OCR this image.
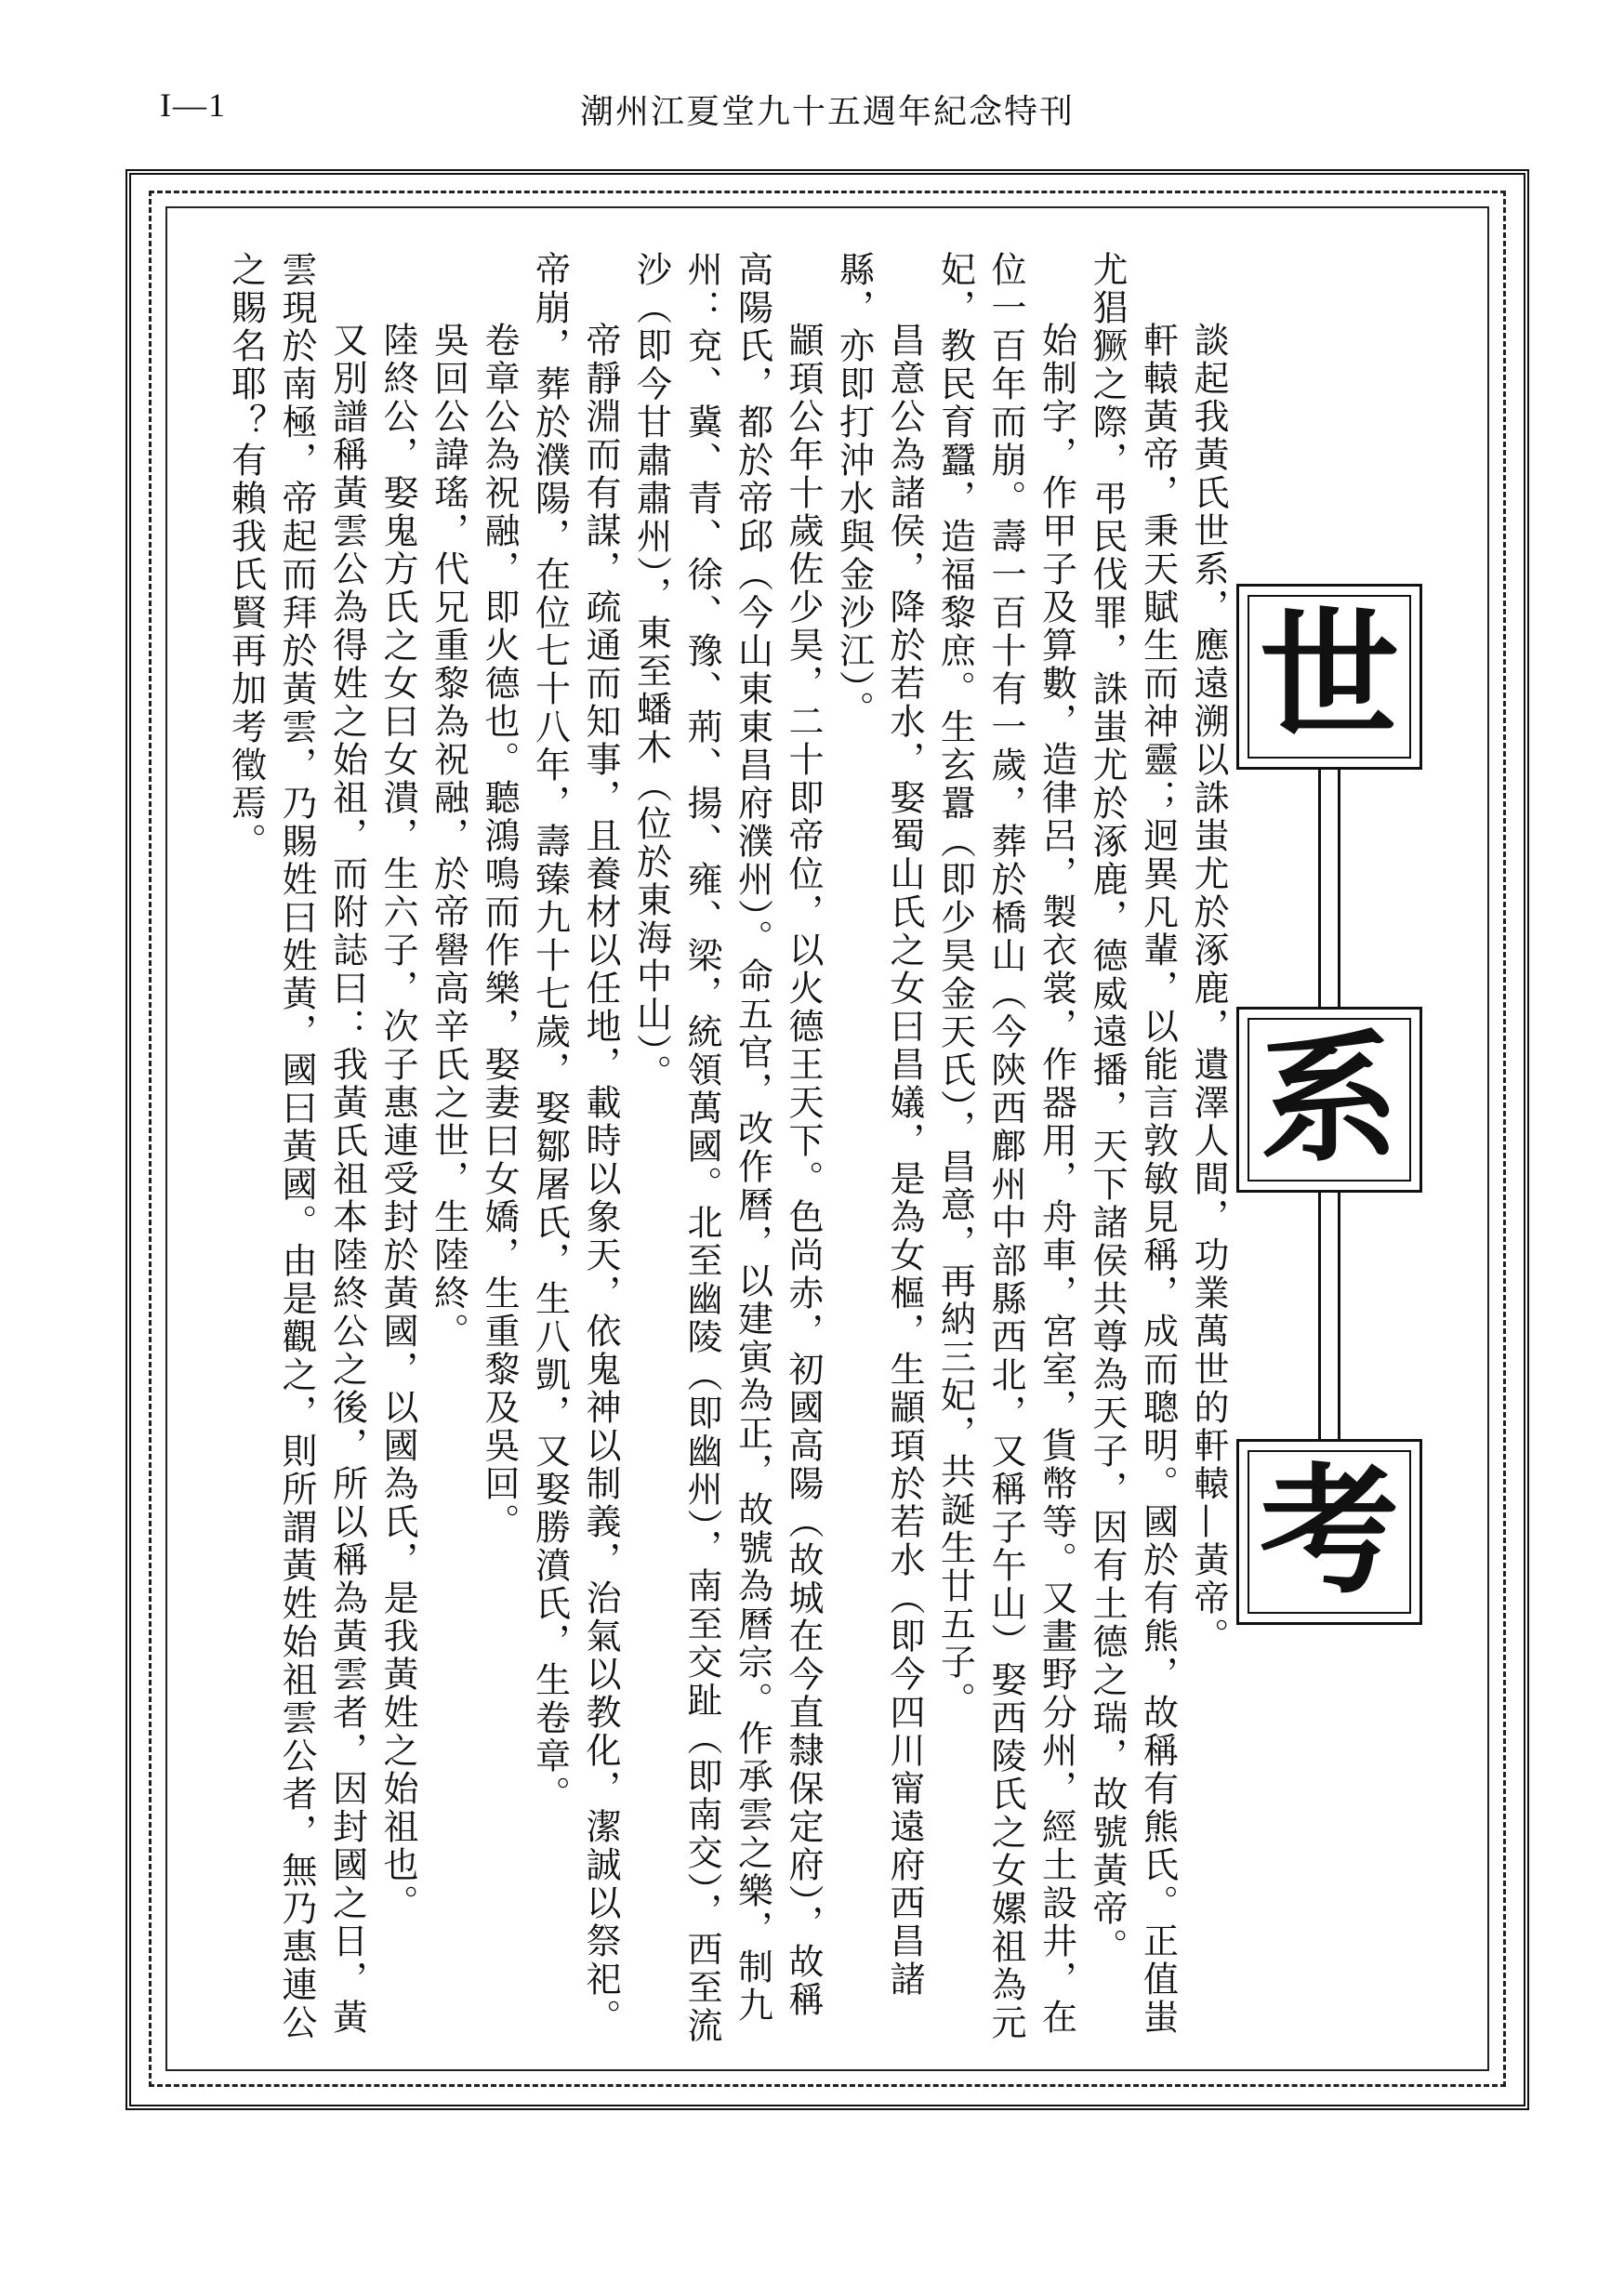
I—1	潮州江夏堂九十五週年紀念特刊

談起我黃氏世系，應遠溯以誅蚩尤於涿鹿，遺澤人間，功業萬世的軒轅—黃帝。

軒轅黃帝，秉天賦生而神靈；迥異凡輩，以能言敦敏見稱，成而聰明。國於有熊，故稱有熊氏。正值蚩尤猖獗之際，弔民伐罪，誅蚩尤於涿鹿，德威遠播，天下諸侯共尊為天子，因有土德之瑞，故號黃帝。

始制字，作甲子及算數，造律呂，製衣裳，作器用，舟車，宮室，貨幣等。又畫野分州，經土設井，在位一百年而崩。壽一百十有一歲，葬於橋山（今陝西鄜州中部縣西北，又稱子午山）娶西陵氏之女嫘祖為元妃，教民育蠶，造福黎庶。生玄囂（即少昊金天氏），昌意，再納三妃，共誕生廿五子。

昌意公為諸侯，降於若水，娶蜀山氏之女曰昌嬟，是為女樞，生顓頊於若水（即今四川甯遠府西昌諸縣，亦即打沖水與金沙江）。

顓頊公年十歲佐少昊，二十即帝位，以火德王天下。色尚赤，初國高陽（故城在今直隸保定府），故稱高陽氏，都於帝邱（今山東東昌府濮州）。命五官，改作曆，以建寅為正，故號為曆宗。作承雲之樂，制九州：兗、冀、青、徐、豫、荊、揚、雍、梁，統領萬國。北至幽陵（即幽州），南至交趾（即南交），西至流沙（即今甘肅肅州），東至蟠木（位於東海中山）。

帝靜淵而有謀，疏通而知事，且養材以任地，載時以象天，依鬼神以制義，治氣以教化，潔誠以祭祀。帝崩，葬於濮陽，在位七十八年，壽臻九十七歲，娶鄒屠氏，生八凱，又娶勝濆氏，生卷章。

卷章公為祝融，即火德也。聽鴻鳴而作樂，娶妻曰女嬌，生重黎及吳回。

吳回公諱瑤，代兄重黎為祝融，於帝嚳高辛氏之世，生陸終。

陸終公，娶鬼方氏之女曰女潰，生六子，次子惠連受封於黃國，以國為氏，是我黃姓之始祖也。

又別譜稱黃雲公為得姓之始祖，而附誌曰：我黃氏祖本陸終公之後，所以稱為黃雲者，因封國之日，黃雲現於南極，帝起而拜於黃雲，乃賜姓曰姓黃，國曰黃國。由是觀之，則所謂黃姓始祖雲公者，無乃惠連公之賜名耶？有賴我氏賢再加考徵焉。	世
系
考
